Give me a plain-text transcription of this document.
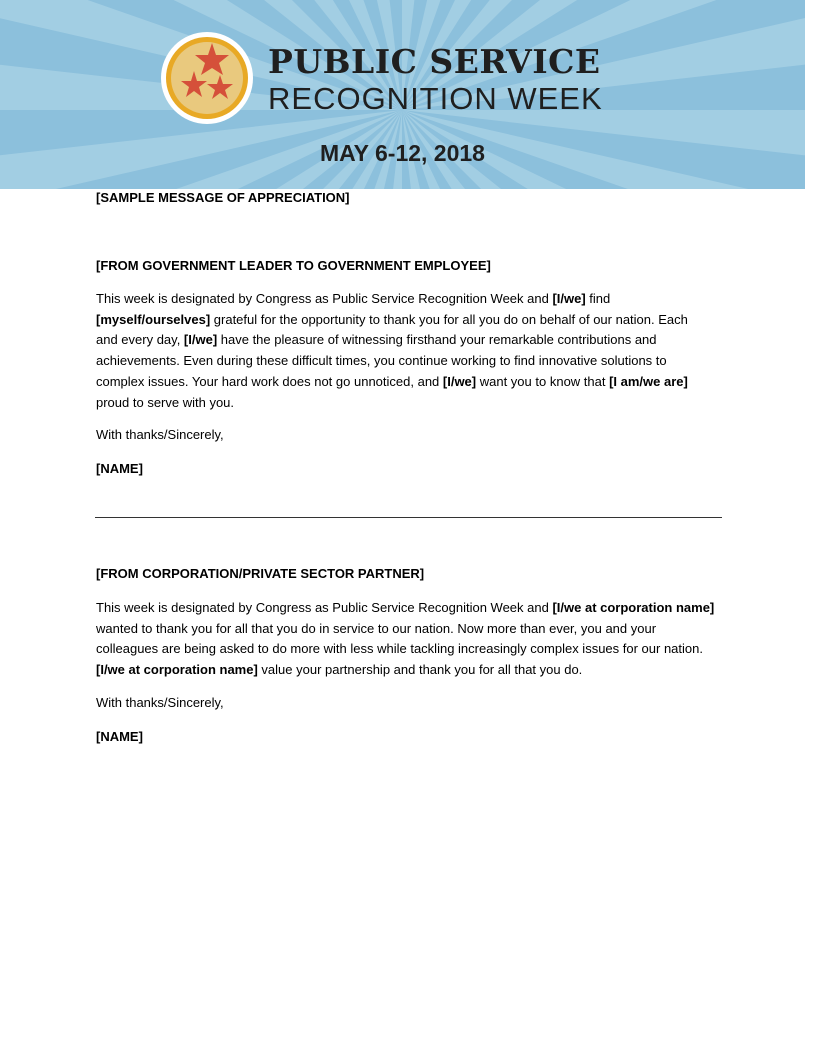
PUBLIC SERVICE

RECOGNITION WEEK

MAY 6-12, 2018

[SAMPLE MESSAGE OF APPRECIATION]

[FROM GOVERNMENT LEADER TO GOVERNMENT EMPLOYEE]

This week is designated by Congress as Public Service Recognition Week and [I/we] find

[myself/ourselves] grateful for the opportunity to thank you for all you do on behalf of our nation. Each

and every day, [I/we] have the pleasure of witnessing firsthand your remarkable contributions and

achievements. Even during these difficult times, you continue working to find innovative solutions to

complex issues. Your hard work does not go unnoticed, and [I/we] want you to know that [I am/we are]

proud to serve with you.

With thanks/Sincerely,

[NAME]

[FROM CORPORATION/PRIVATE SECTOR PARTNER]

This week is designated by Congress as Public Service Recognition Week and [I/we at corporation name]

wanted to thank you for all that you do in service to our nation. Now more than ever, you and your

colleagues are being asked to do more with less while tackling increasingly complex issues for our nation.

[I/we at corporation name] value your partnership and thank you for all that you do.

With thanks/Sincerely,

[NAME]
